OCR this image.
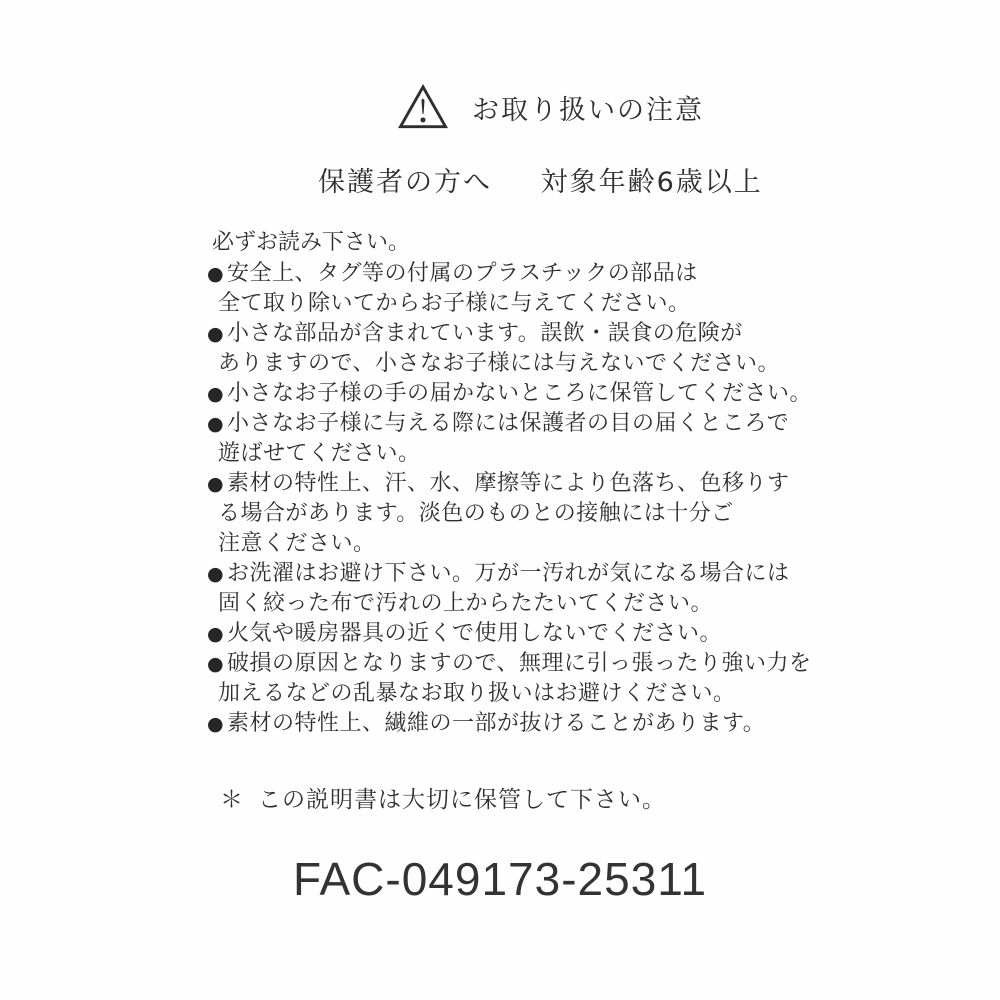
お取り扱いの注意
保護者の方へ 対象年齢6歳以上
必ずお読み下さい。
● 安全上、タグ等の付属のプラスチックの部品は
全て取り除いてからお子様に与えてください。
● 小さな部品が含まれています。誤飲・誤食の危険が
ありますので、小さなお子様には与えないでください。
● 小さなお子様の手の届かないところに保管してください。
● 小さなお子様に与える際には保護者の目の届くところで
遊ばせてください。
● 素材の特性上、汗、水、摩擦等により色落ち、色移りす
る場合があります。淡色のものとの接触には十分ご
注意ください。
● お洗濯はお避け下さい。万が一汚れが気になる場合には
固く絞った布で汚れの上からたたいてください。
● 火気や暖房器具の近くで使用しないでください。
● 破損の原因となりますので、無理に引っ張ったり強い力を
加えるなどの乱暴なお取り扱いはお避けください。
● 素材の特性上、繊維の一部が抜けることがあります。
＊ この説明書は大切に保管して下さい。
FAC-049173-25311
